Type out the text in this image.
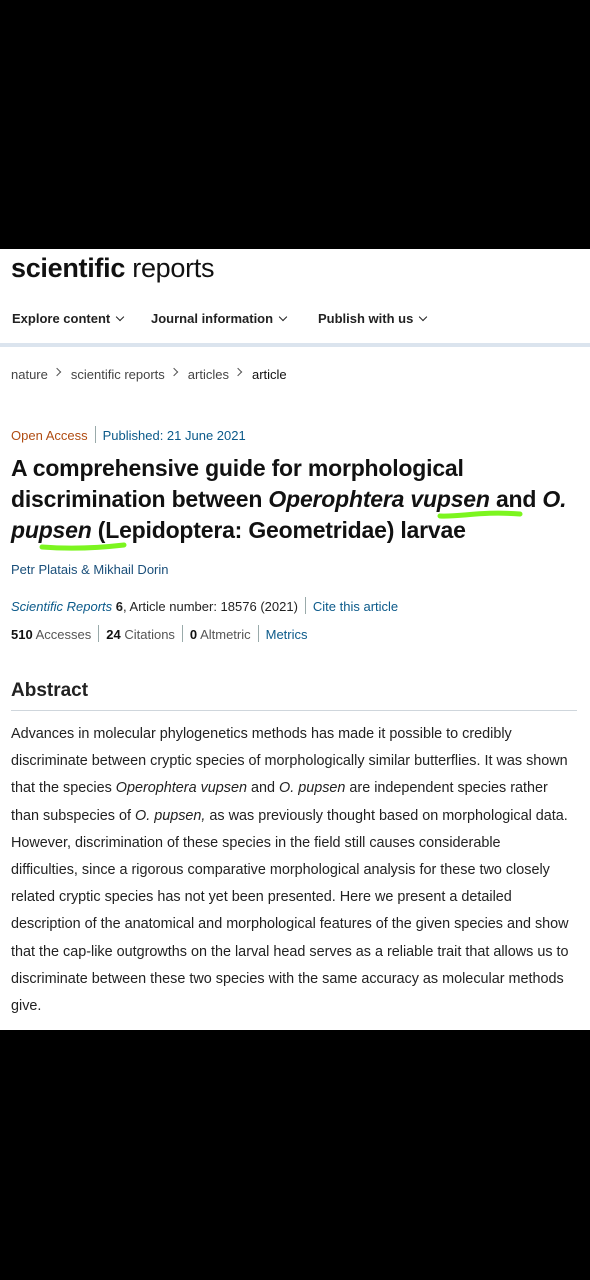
scientific reports
Explore content	Journal information	Publish with us
nature scientific reports articles article
Open Access Published: 21 June 2021
A comprehensive guide for morphological discrimination between Operophtera vupsen and O. pupsen (Lepidoptera: Geometridae) larvae
Petr Platais & Mikhail Dorin
Scientific Reports 6, Article number: 18576 (2021) Cite this article
510 Accesses 24 Citations 0 Altmetric Metrics
Abstract

Advances in molecular phylogenetics methods has made it possible to credibly discriminate between cryptic species of morphologically similar butterflies. It was shown that the species Operophtera vupsen and O. pupsen are independent species rather than subspecies of O. pupsen, as was previously thought based on morphological data. However, discrimination of these species in the field still causes considerable difficulties, since a rigorous comparative morphological analysis for these two closely related cryptic species has not yet been presented. Here we present a detailed description of the anatomical and morphological features of the given species and show that the cap-like outgrowths on the larval head serves as a reliable trait that allows us to discriminate between these two species with the same accuracy as molecular methods give.
